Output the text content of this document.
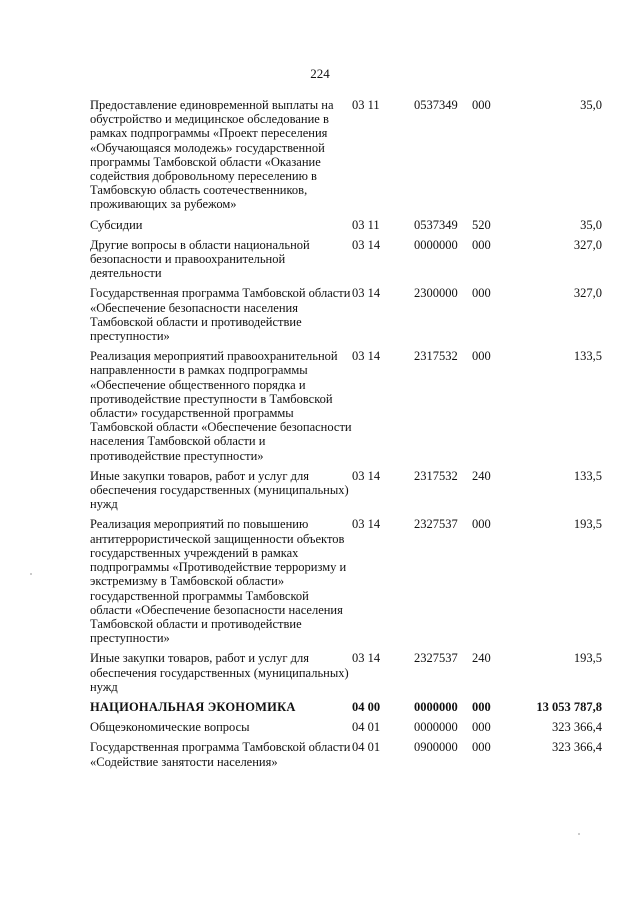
224
Предоставление единовременной выплаты на обустройство и медицинское обследование в рамках подпрограммы «Проект переселения «Обучающаяся молодежь» государственной программы Тамбовской области «Оказание содействия добровольному переселению в Тамбовскую область соотечественников, проживающих за рубежом»	03 11	0537349	000	35,0
Субсидии	03 11	0537349	520	35,0
Другие вопросы в области национальной безопасности и правоохранительной деятельности	03 14	0000000	000	327,0
Государственная программа Тамбовской области «Обеспечение безопасности населения Тамбовской области и противодействие преступности»	03 14	2300000	000	327,0
Реализация мероприятий правоохранительной направленности в рамках подпрограммы «Обеспечение общественного порядка и противодействие преступности в Тамбовской области» государственной программы Тамбовской области «Обеспечение безопасности населения Тамбовской области и противодействие преступности»	03 14	2317532	000	133,5
Иные закупки товаров, работ и услуг для обеспечения государственных (муниципальных) нужд	03 14	2317532	240	133,5
Реализация мероприятий по повышению антитеррористической защищенности объектов государственных учреждений в рамках подпрограммы «Противодействие терроризму и экстремизму в Тамбовской области» государственной программы Тамбовской области «Обеспечение безопасности населения Тамбовской области и противодействие преступности»	03 14	2327537	000	193,5
Иные закупки товаров, работ и услуг для обеспечения государственных (муниципальных) нужд	03 14	2327537	240	193,5
НАЦИОНАЛЬНАЯ ЭКОНОМИКА	04 00	0000000	000	13 053 787,8
Общеэкономические вопросы	04 01	0000000	000	323 366,4
Государственная программа Тамбовской области «Содействие занятости населения»	04 01	0900000	000	323 366,4
